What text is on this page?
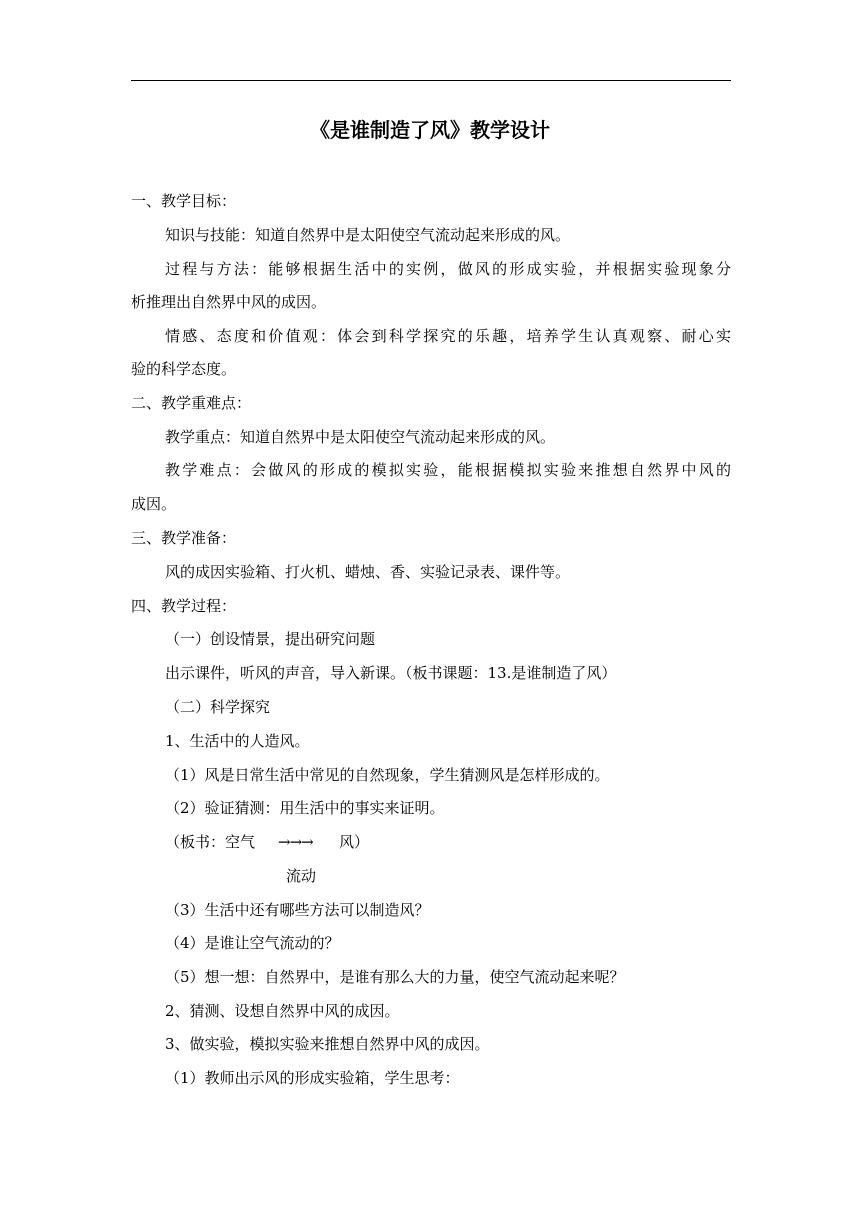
《是谁制造了风》教学设计
一、教学目标：
知识与技能：知道自然界中是太阳使空气流动起来形成的风。
过程与方法：能够根据生活中的实例，做风的形成实验，并根据实验现象分
析推理出自然界中风的成因。
情感、态度和价值观：体会到科学探究的乐趣，培养学生认真观察、耐心实
验的科学态度。
二、教学重难点：
教学重点：知道自然界中是太阳使空气流动起来形成的风。
教学难点：会做风的形成的模拟实验，能根据模拟实验来推想自然界中风的
成因。
三、教学准备：
风的成因实验箱、打火机、蜡烛、香、实验记录表、课件等。
四、教学过程：
（一）创设情景，提出研究问题
出示课件，听风的声音，导入新课。（板书课题：13.是谁制造了风）
（二）科学探究
1、生活中的人造风。
（1）风是日常生活中常见的自然现象，学生猜测风是怎样形成的。
（2）验证猜测：用生活中的事实来证明。
（板书：空气 →→→ 风）
流动
（3）生活中还有哪些方法可以制造风？
（4）是谁让空气流动的？
（5）想一想：自然界中，是谁有那么大的力量，使空气流动起来呢？
2、猜测、设想自然界中风的成因。
3、做实验，模拟实验来推想自然界中风的成因。
（1）教师出示风的形成实验箱，学生思考：
